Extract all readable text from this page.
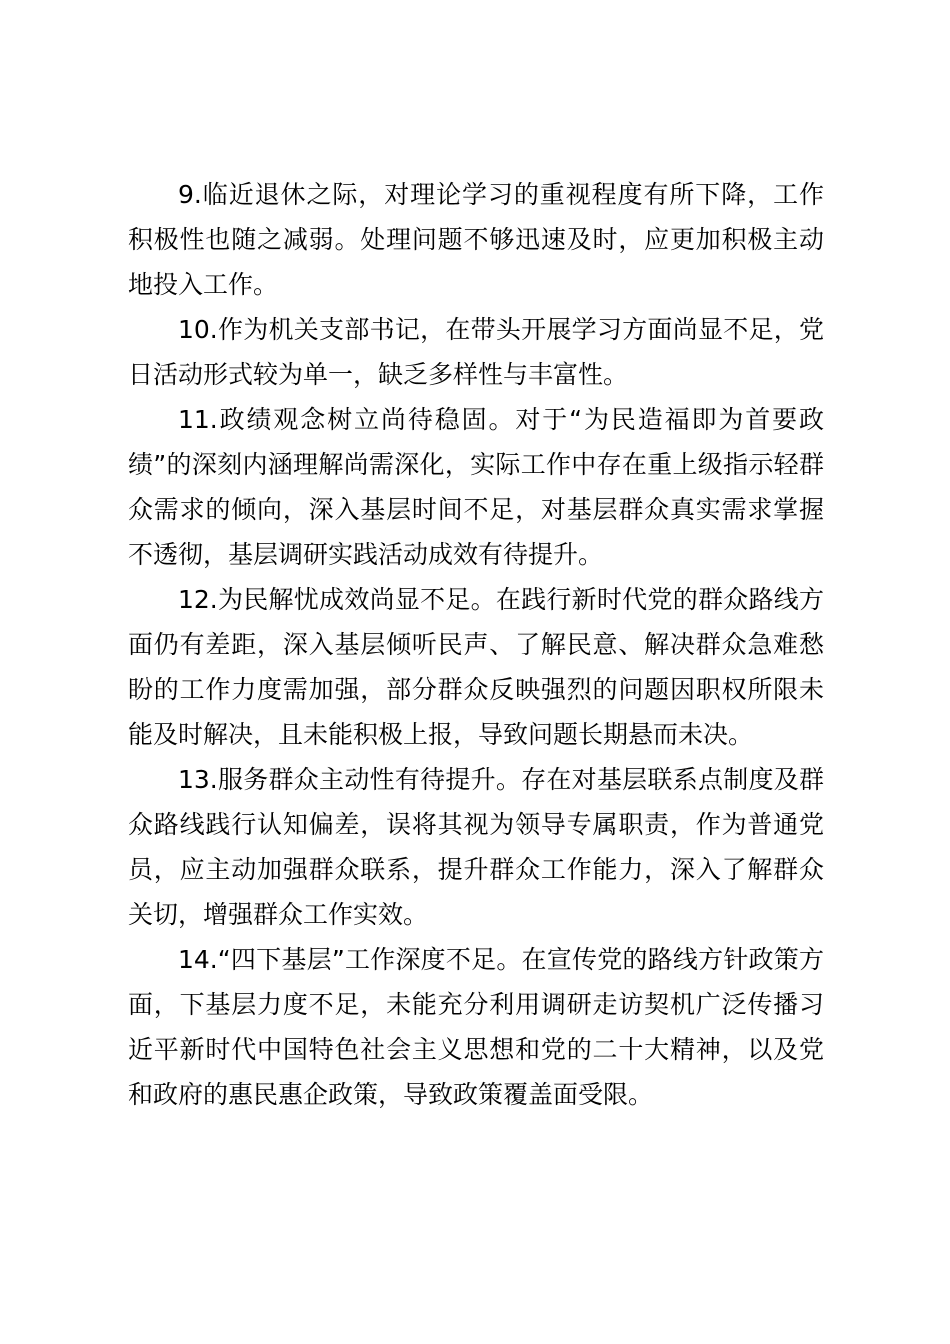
9.临近退休之际，对理论学习的重视程度有所下降，工作积极性也随之减弱。处理问题不够迅速及时，应更加积极主动地投入工作。

10.作为机关支部书记，在带头开展学习方面尚显不足，党日活动形式较为单一，缺乏多样性与丰富性。

11.政绩观念树立尚待稳固。对于“为民造福即为首要政绩”的深刻内涵理解尚需深化，实际工作中存在重上级指示轻群众需求的倾向，深入基层时间不足，对基层群众真实需求掌握不透彻，基层调研实践活动成效有待提升。

12.为民解忧成效尚显不足。在践行新时代党的群众路线方面仍有差距，深入基层倾听民声、了解民意、解决群众急难愁盼的工作力度需加强，部分群众反映强烈的问题因职权所限未能及时解决，且未能积极上报，导致问题长期悬而未决。

13.服务群众主动性有待提升。存在对基层联系点制度及群众路线践行认知偏差，误将其视为领导专属职责，作为普通党员，应主动加强群众联系，提升群众工作能力，深入了解群众关切，增强群众工作实效。

14.“四下基层”工作深度不足。在宣传党的路线方针政策方面，下基层力度不足，未能充分利用调研走访契机广泛传播习近平新时代中国特色社会主义思想和党的二十大精神，以及党和政府的惠民惠企政策，导致政策覆盖面受限。
